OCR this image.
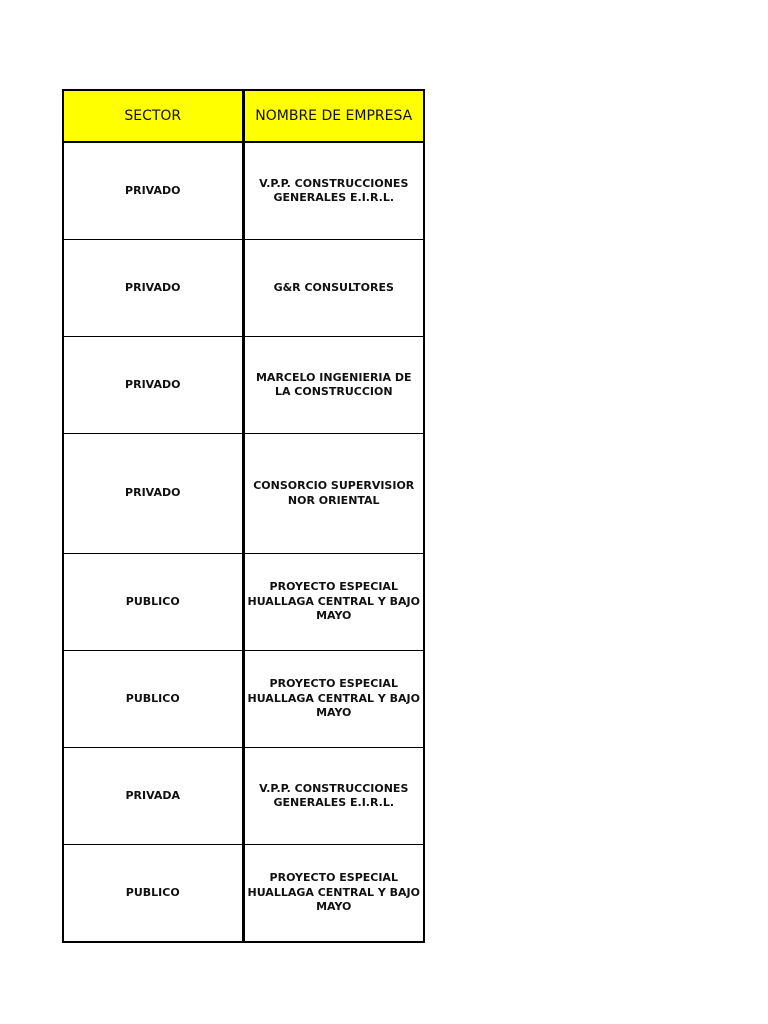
SECTOR	NOMBRE DE EMPRESA
PRIVADO	V.P.P. CONSTRUCCIONES GENERALES E.I.R.L.
PRIVADO	G&R CONSULTORES
PRIVADO	MARCELO INGENIERIA DE LA CONSTRUCCION
PRIVADO	CONSORCIO SUPERVISIOR NOR ORIENTAL
PUBLICO	PROYECTO ESPECIAL HUALLAGA CENTRAL Y BAJO MAYO
PUBLICO	PROYECTO ESPECIAL HUALLAGA CENTRAL Y BAJO MAYO
PRIVADA	V.P.P. CONSTRUCCIONES GENERALES E.I.R.L.
PUBLICO	PROYECTO ESPECIAL HUALLAGA CENTRAL Y BAJO MAYO
